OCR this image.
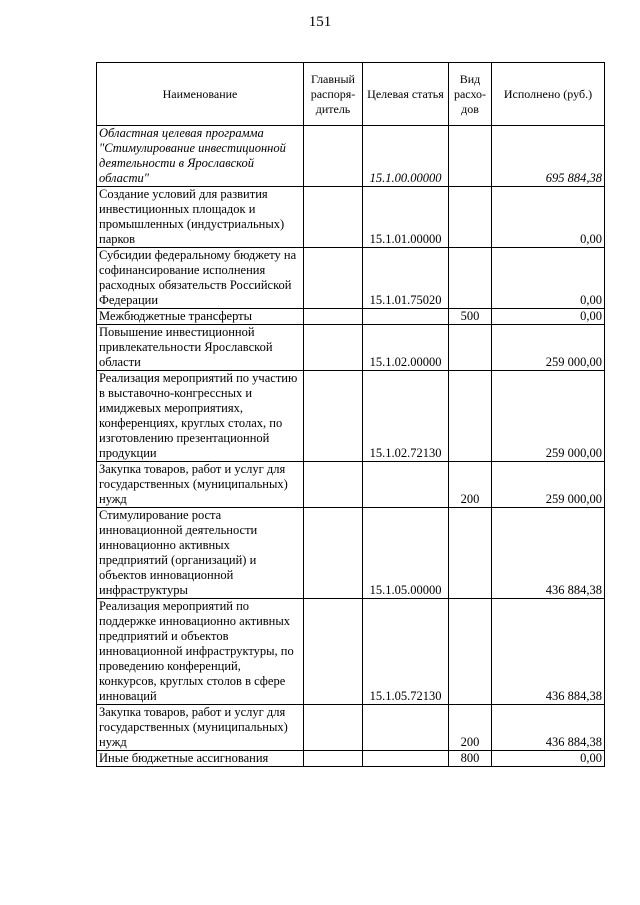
151
Наименование	Главный распоря-дитель	Целевая статья	Вид расхо-дов	Исполнено (руб.)
Областная целевая программа "Стимулирование инвестиционной деятельности в Ярославской области"		15.1.00.00000		695 884,38
Создание условий для развития инвестиционных площадок и промышленных (индустриальных) парков		15.1.01.00000		0,00
Субсидии федеральному бюджету на софинансирование исполнения расходных обязательств Российской Федерации		15.1.01.75020		0,00
Межбюджетные трансферты			500	0,00
Повышение инвестиционной привлекательности Ярославской области		15.1.02.00000		259 000,00
Реализация мероприятий по участию в выставочно-конгрессных и имиджевых мероприятиях, конференциях, круглых столах, по изготовлению презентационной продукции		15.1.02.72130		259 000,00
Закупка товаров, работ и услуг для государственных (муниципальных) нужд			200	259 000,00
Стимулирование роста инновационной деятельности инновационно активных предприятий (организаций) и объектов инновационной инфраструктуры		15.1.05.00000		436 884,38
Реализация мероприятий по поддержке инновационно активных предприятий и объектов инновационной инфраструктуры, по проведению конференций, конкурсов, круглых столов в сфере инноваций		15.1.05.72130		436 884,38
Закупка товаров, работ и услуг для государственных (муниципальных) нужд			200	436 884,38
Иные бюджетные ассигнования			800	0,00
